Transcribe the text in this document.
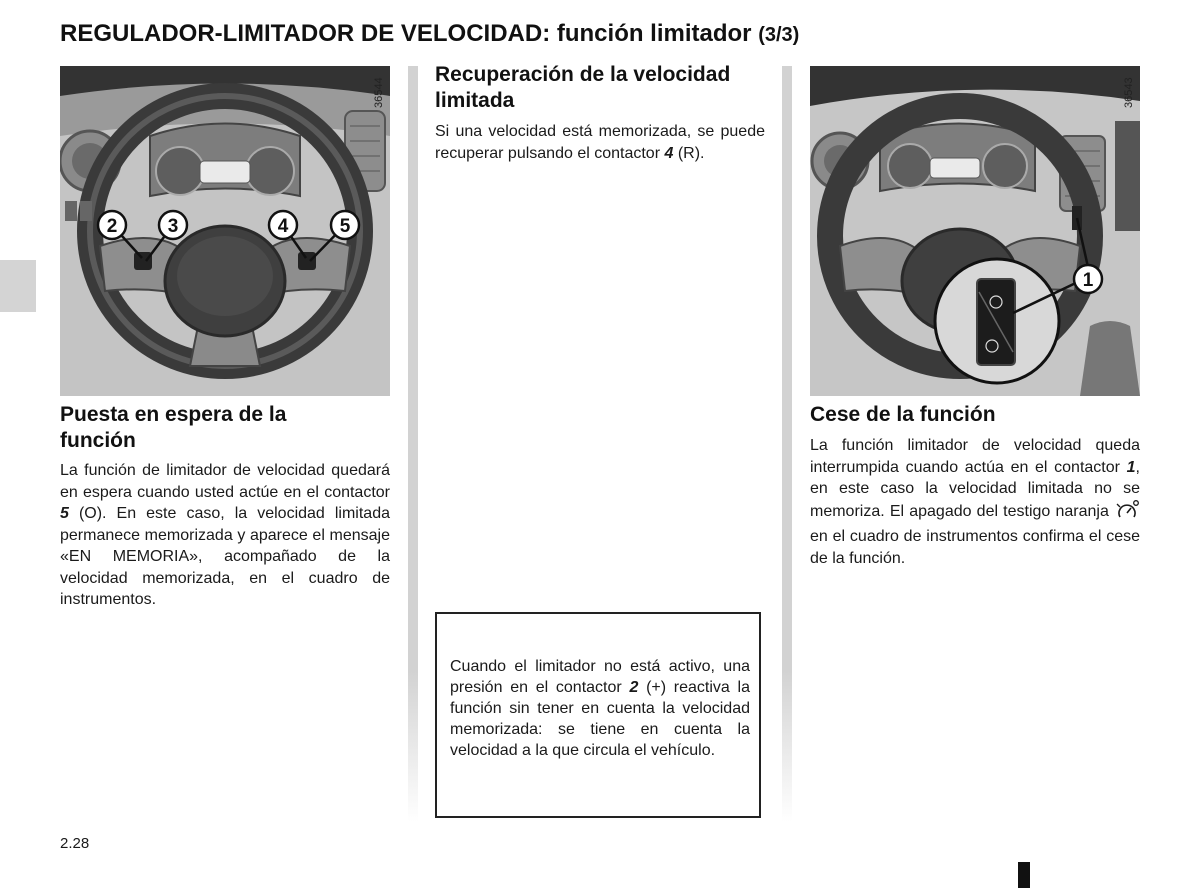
REGULADOR-LIMITADOR DE VELOCIDAD: función limitador (3/3)
2	3	4	5
36544
1
36543
Puesta en espera de la
función

La función de limitador de velocidad quedará en espera cuando usted actúe en el contactor 5 (O). En este caso, la velocidad limitada permanece memorizada y aparece el mensaje «EN MEMORIA», acompañado de la velocidad memorizada, en el cuadro de instrumentos.

Recuperación de la velocidad
limitada

Si una velocidad está memorizada, se puede recuperar pulsando el contactor 4 (R).

Cuando el limitador no está activo, una presión en el contactor 2 (+) reactiva la función sin tener en cuenta la velocidad memorizada: se tiene en cuenta la velocidad a la que circula el vehículo.

Cese de la función

La función limitador de velocidad queda interrumpida cuando actúa en el contactor 1, en este caso la velocidad limitada no se memoriza. El apagado del testigo naranja  en el cuadro de instrumentos confirma el cese de la función.

2.28
